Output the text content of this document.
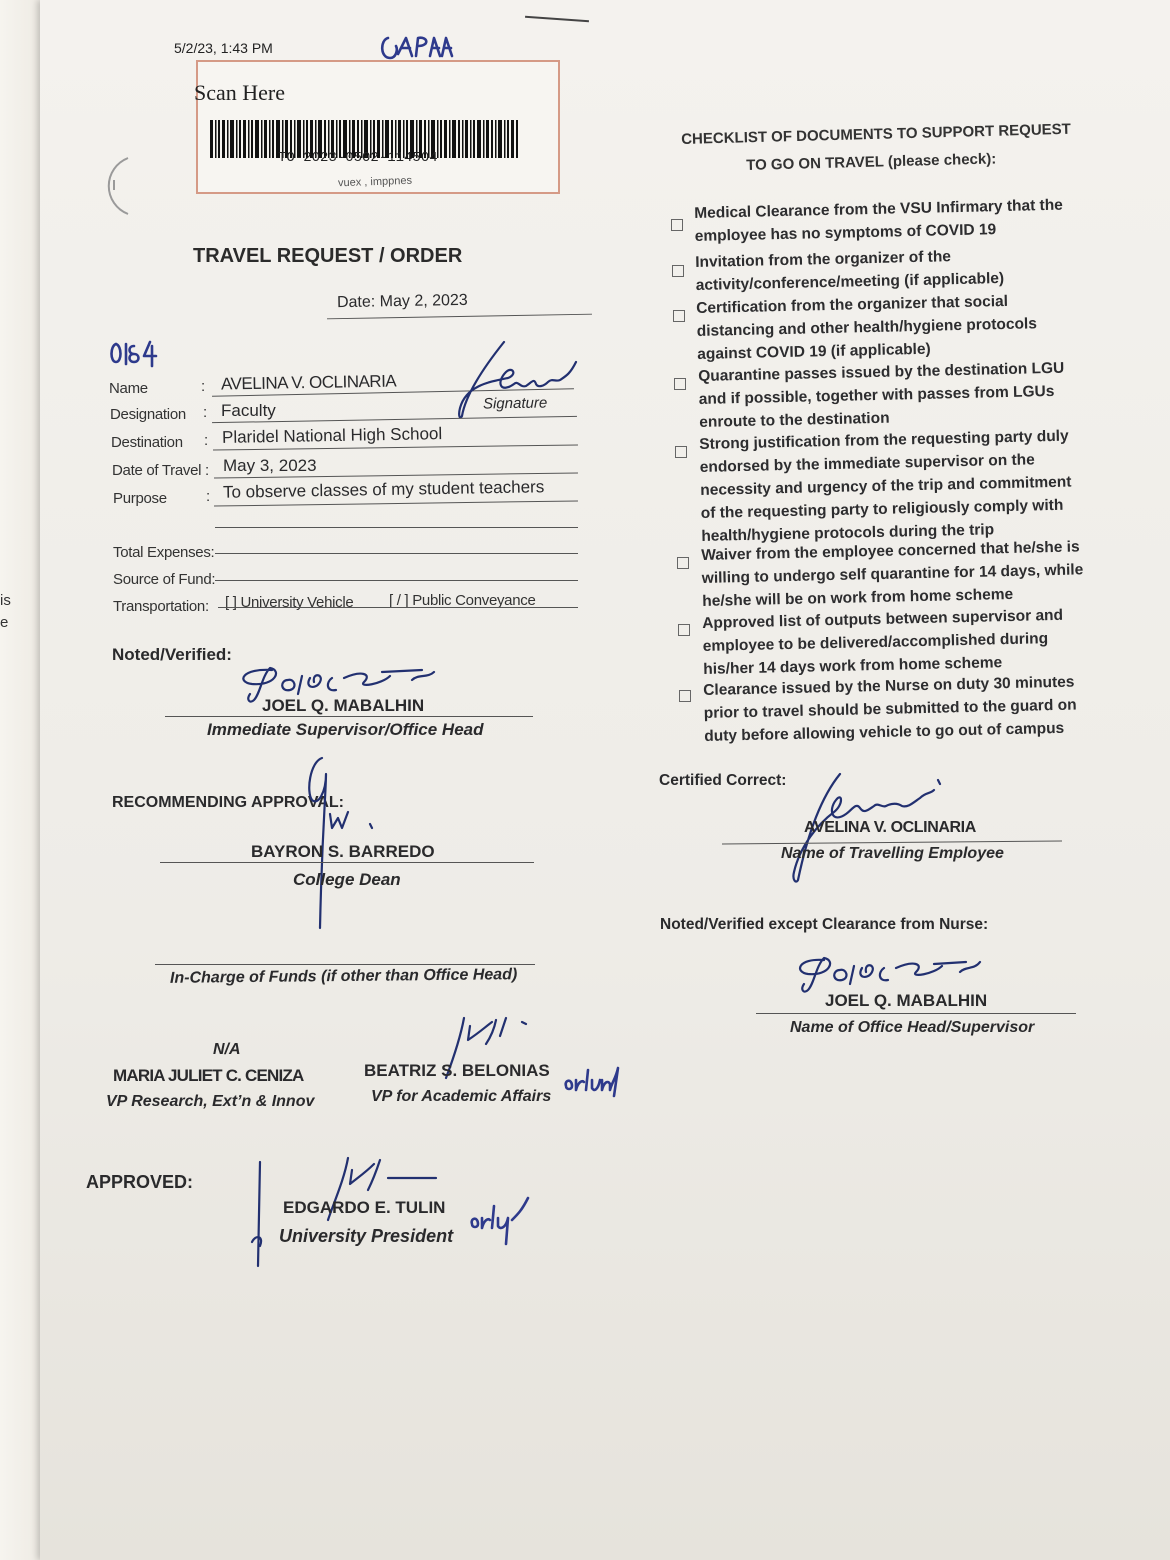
is
e
5/2/23, 1:43 PM
Scan Here
TO-2023-0502-114504
vuex , imppnes
TRAVEL REQUEST / ORDER
Date: May 2, 2023
Name	: AVELINA V. OCLINARIA
Signature
Designation : Faculty
Destination : Plaridel National High School
Date of Travel : May 3, 2023
Purpose	: To observe classes of my student teachers
Total Expenses:
Source of Fund:
Transportation: [ ] University Vehicle [ / ] Public Conveyance
Noted/Verified:
JOEL Q. MABALHIN
Immediate Supervisor/Office Head
RECOMMENDING APPROVAL:
BAYRON S. BARREDO
College Dean
In-Charge of Funds (if other than Office Head)
N/A
MARIA JULIET C. CENIZA
VP Research, Ext’n & Innov
BEATRIZ S. BELONIAS
VP for Academic Affairs
APPROVED:
EDGARDO E. TULIN
University President
CHECKLIST OF DOCUMENTS TO SUPPORT REQUEST
TO GO ON TRAVEL (please check):
Medical Clearance from the VSU Infirmary that the
employee has no symptoms of COVID 19
Invitation from the organizer of the
activity/conference/meeting (if applicable)
Certification from the organizer that social
distancing and other health/hygiene protocols
against COVID 19 (if applicable)
Quarantine passes issued by the destination LGU
and if possible, together with passes from LGUs
enroute to the destination
Strong justification from the requesting party duly
endorsed by the immediate supervisor on the
necessity and urgency of the trip and commitment
of the requesting party to religiously comply with
health/hygiene protocols during the trip
Waiver from the employee concerned that he/she is
willing to undergo self quarantine for 14 days, while
he/she will be on work from home scheme
Approved list of outputs between supervisor and
employee to be delivered/accomplished during
his/her 14 days work from home scheme
Clearance issued by the Nurse on duty 30 minutes
prior to travel should be submitted to the guard on
duty before allowing vehicle to go out of campus
Certified Correct:
AVELINA V. OCLINARIA
Name of Travelling Employee
Noted/Verified except Clearance from Nurse:
JOEL Q. MABALHIN
Name of Office Head/Supervisor
